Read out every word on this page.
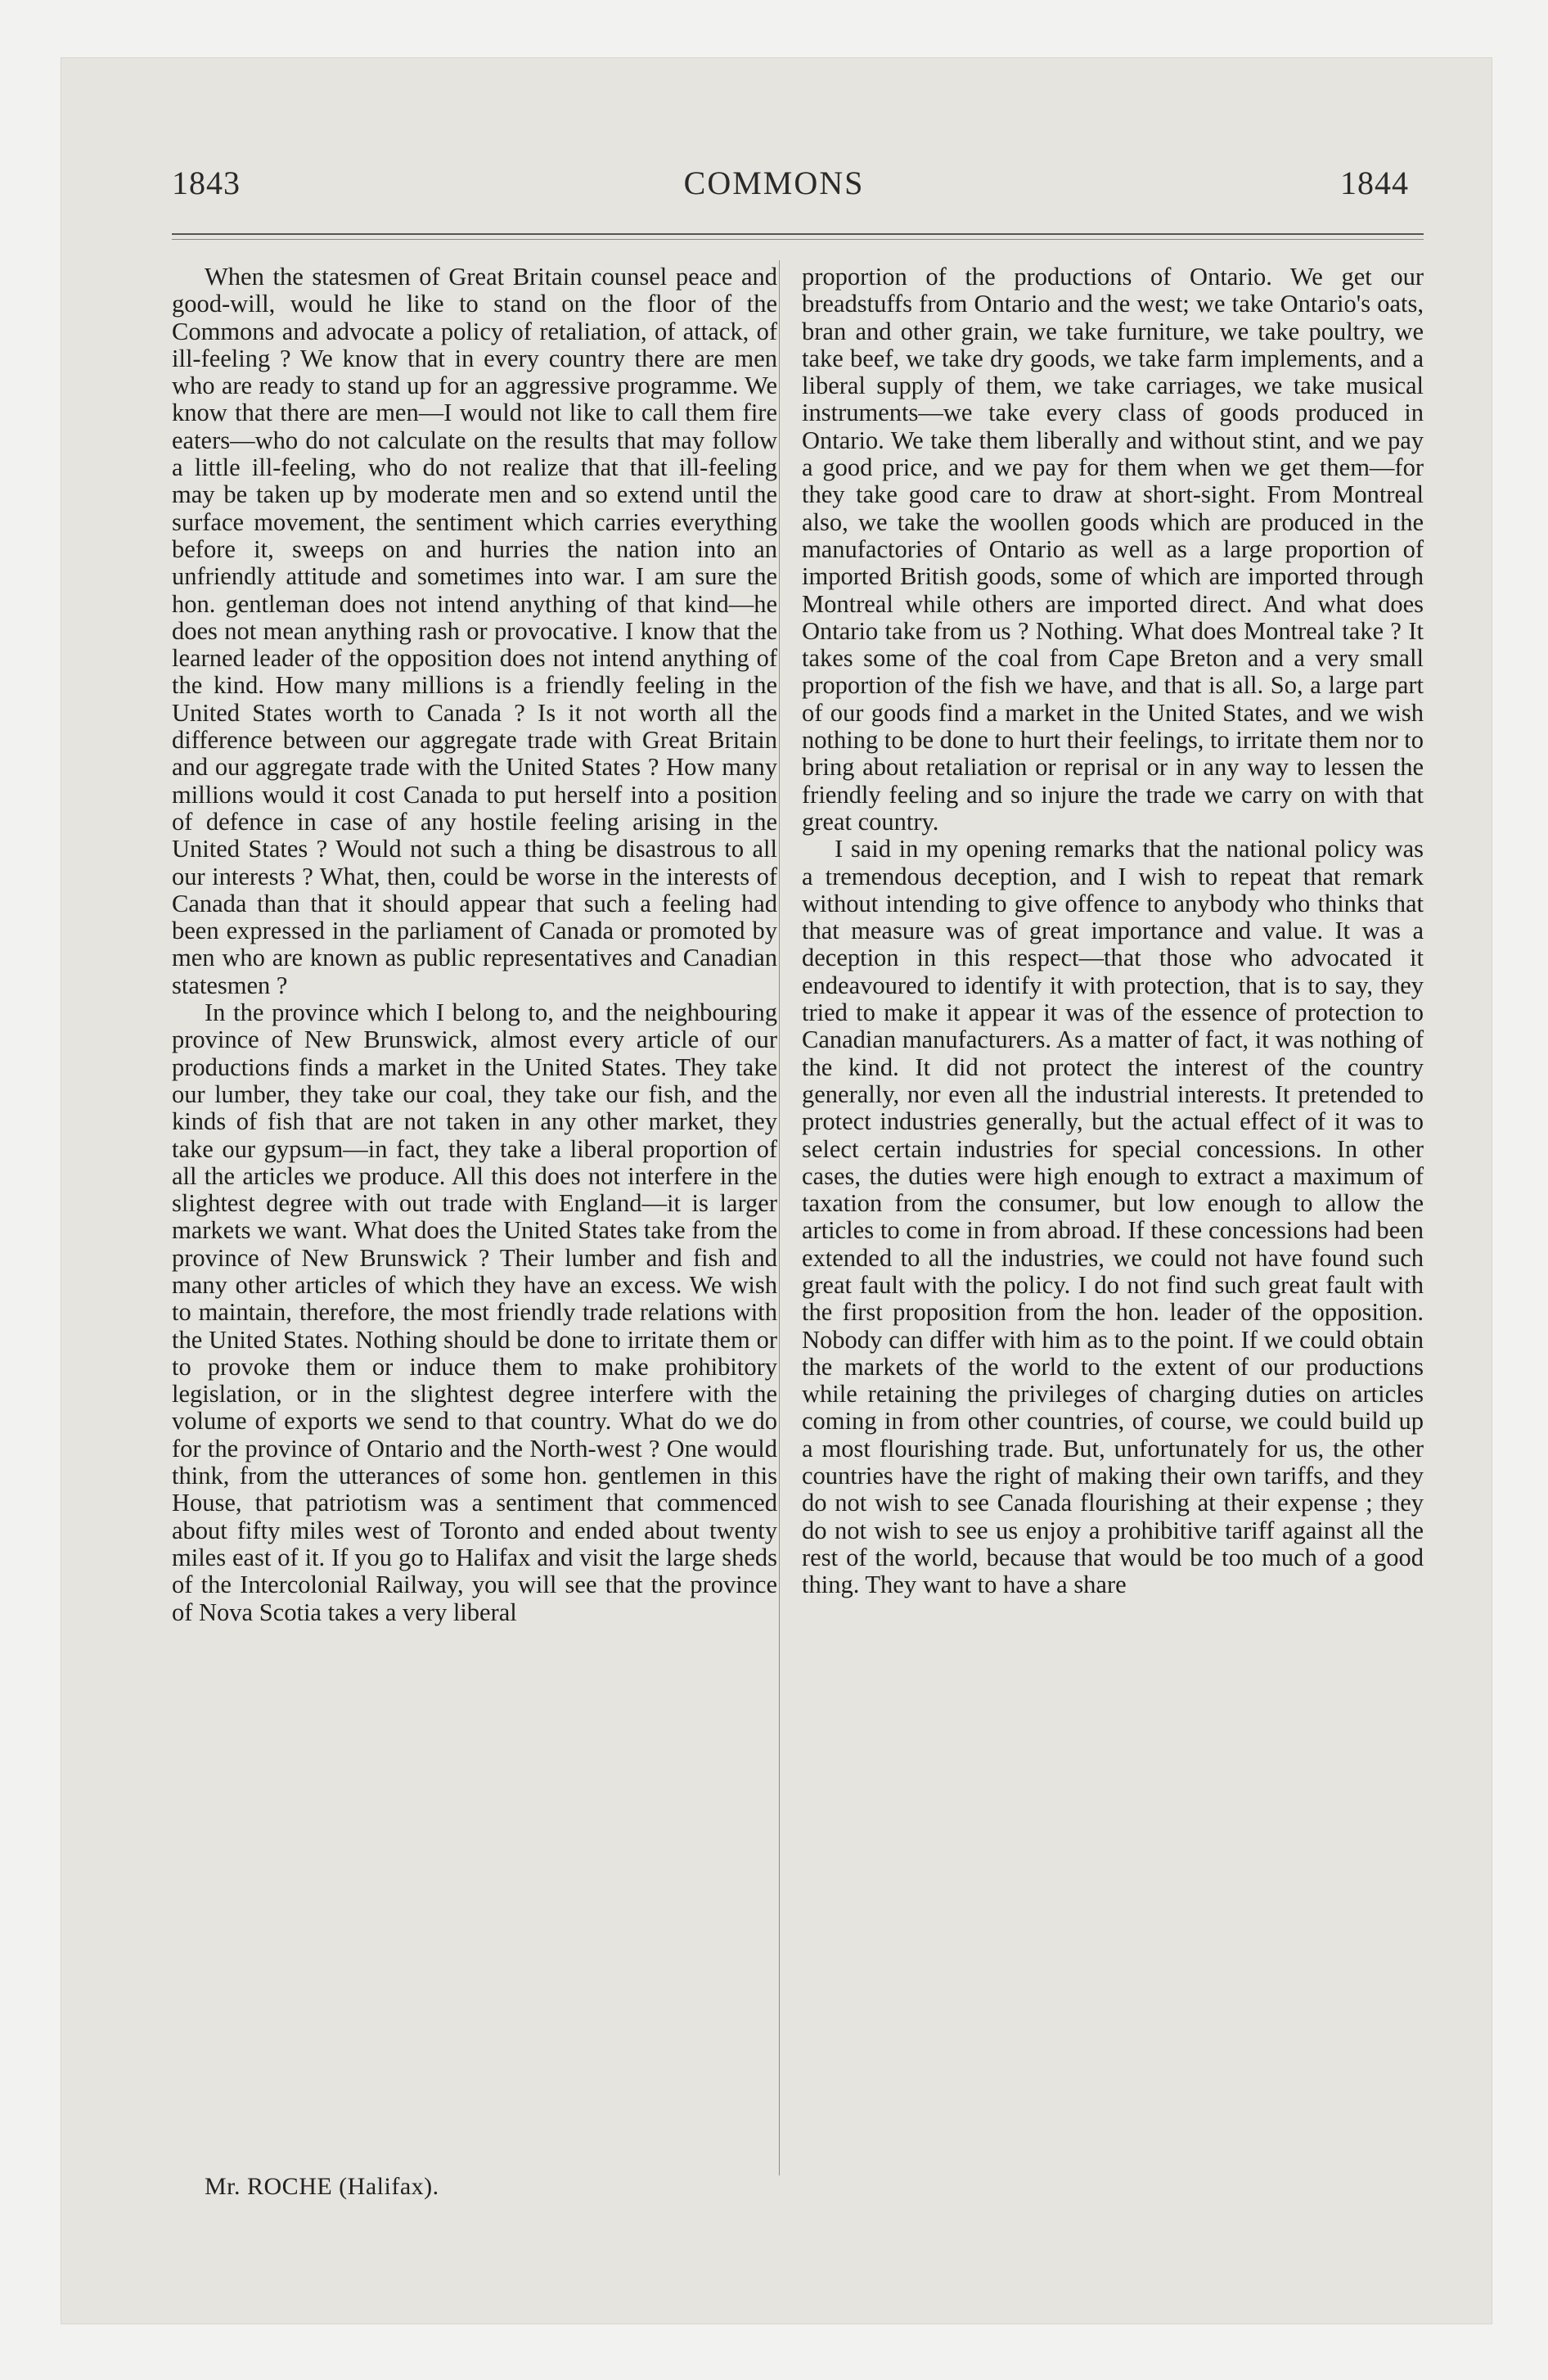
1843	COMMONS	1844

When the statesmen of Great Britain counsel peace and good-will, would he like to stand on the floor of the Commons and advocate a policy of retaliation, of attack, of ill-feeling ? We know that in every country there are men who are ready to stand up for an aggressive programme. We know that there are men—I would not like to call them fire eaters—who do not calculate on the results that may follow a little ill-feeling, who do not realize that that ill-feeling may be taken up by moderate men and so extend until the surface movement, the sentiment which carries everything before it, sweeps on and hurries the nation into an unfriendly attitude and sometimes into war. I am sure the hon. gentleman does not intend anything of that kind—he does not mean anything rash or provocative. I know that the learned leader of the opposition does not intend anything of the kind. How many millions is a friendly feeling in the United States worth to Canada ? Is it not worth all the difference between our aggregate trade with Great Britain and our aggregate trade with the United States ? How many millions would it cost Canada to put herself into a position of defence in case of any hostile feeling arising in the United States ? Would not such a thing be disastrous to all our interests ? What, then, could be worse in the interests of Canada than that it should appear that such a feeling had been expressed in the parliament of Canada or promoted by men who are known as public representatives and Canadian statesmen ?

In the province which I belong to, and the neighbouring province of New Brunswick, almost every article of our productions finds a market in the United States. They take our lumber, they take our coal, they take our fish, and the kinds of fish that are not taken in any other market, they take our gypsum—in fact, they take a liberal proportion of all the articles we produce. All this does not interfere in the slightest degree with out trade with England—it is larger markets we want. What does the United States take from the province of New Brunswick ? Their lumber and fish and many other articles of which they have an excess. We wish to maintain, therefore, the most friendly trade relations with the United States. Nothing should be done to irritate them or to provoke them or induce them to make prohibitory legislation, or in the slightest degree interfere with the volume of exports we send to that country. What do we do for the province of Ontario and the North-west ? One would think, from the utterances of some hon. gentlemen in this House, that patriotism was a sentiment that commenced about fifty miles west of Toronto and ended about twenty miles east of it. If you go to Halifax and visit the large sheds of the Intercolonial Railway, you will see that the province of Nova Scotia takes a very liberal

proportion of the productions of Ontario. We get our breadstuffs from Ontario and the west; we take Ontario's oats, bran and other grain, we take furniture, we take poultry, we take beef, we take dry goods, we take farm implements, and a liberal supply of them, we take carriages, we take musical instruments—we take every class of goods produced in Ontario. We take them liberally and without stint, and we pay a good price, and we pay for them when we get them—for they take good care to draw at short-sight. From Montreal also, we take the woollen goods which are produced in the manufactories of Ontario as well as a large proportion of imported British goods, some of which are imported through Montreal while others are imported direct. And what does Ontario take from us ? Nothing. What does Montreal take ? It takes some of the coal from Cape Breton and a very small proportion of the fish we have, and that is all. So, a large part of our goods find a market in the United States, and we wish nothing to be done to hurt their feelings, to irritate them nor to bring about retaliation or reprisal or in any way to lessen the friendly feeling and so injure the trade we carry on with that great country.

I said in my opening remarks that the national policy was a tremendous deception, and I wish to repeat that remark without intending to give offence to anybody who thinks that that measure was of great importance and value. It was a deception in this respect—that those who advocated it endeavoured to identify it with protection, that is to say, they tried to make it appear it was of the essence of protection to Canadian manufacturers. As a matter of fact, it was nothing of the kind. It did not protect the interest of the country generally, nor even all the industrial interests. It pretended to protect industries generally, but the actual effect of it was to select certain industries for special concessions. In other cases, the duties were high enough to extract a maximum of taxation from the consumer, but low enough to allow the articles to come in from abroad. If these concessions had been extended to all the industries, we could not have found such great fault with the policy. I do not find such great fault with the first proposition from the hon. leader of the opposition. Nobody can differ with him as to the point. If we could obtain the markets of the world to the extent of our productions while retaining the privileges of charging duties on articles coming in from other countries, of course, we could build up a most flourishing trade. But, unfortunately for us, the other countries have the right of making their own tariffs, and they do not wish to see Canada flourishing at their expense ; they do not wish to see us enjoy a prohibitive tariff against all the rest of the world, because that would be too much of a good thing. They want to have a share

Mr. ROCHE (Halifax).
